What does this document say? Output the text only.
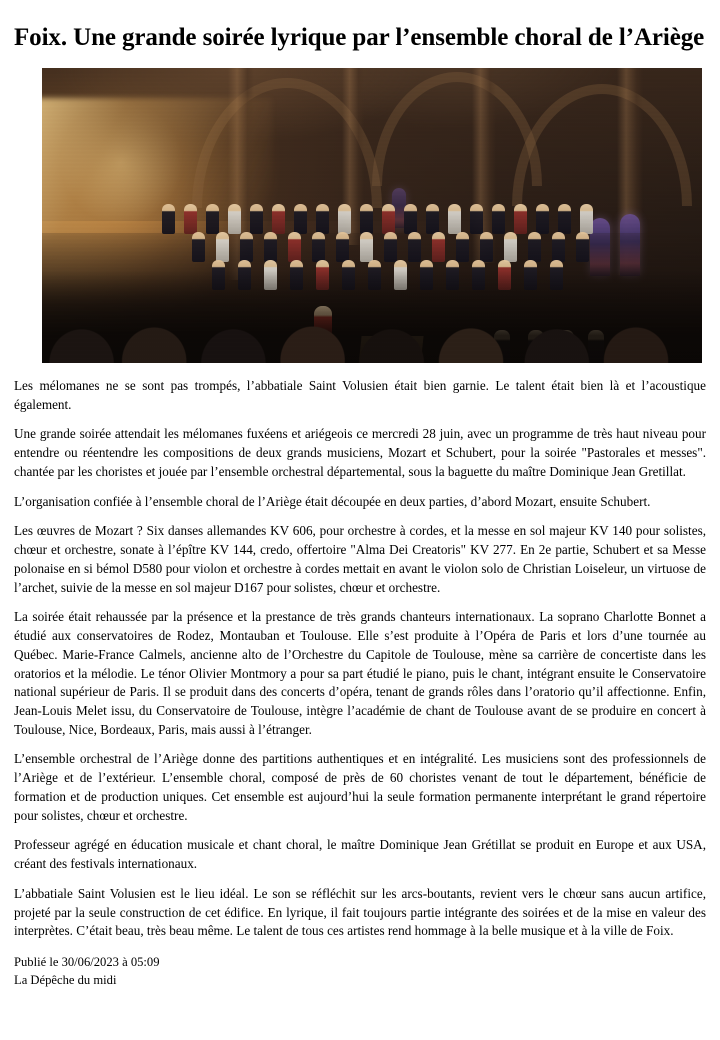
Foix. Une grande soirée lyrique par l’ensemble choral de l’Ariège

Les mélomanes ne se sont pas trompés, l’abbatiale Saint Volusien était bien garnie. Le talent était bien là et l’acoustique également.

Une grande soirée attendait les mélomanes fuxéens et ariégeois ce mercredi 28 juin, avec un programme de très haut niveau pour entendre ou réentendre les compositions de deux grands musiciens, Mozart et Schubert, pour la soirée "Pastorales et messes". chantée par les choristes et jouée par l’ensemble orchestral départemental, sous la baguette du maître Dominique Jean Gretillat.

L’organisation confiée à l’ensemble choral de l’Ariège était découpée en deux parties, d’abord Mozart, ensuite Schubert.

Les œuvres de Mozart ? Six danses allemandes KV 606, pour orchestre à cordes, et la messe en sol majeur KV 140 pour solistes, chœur et orchestre, sonate à l’épître KV 144, credo, offertoire "Alma Dei Creatoris" KV 277. En 2e partie, Schubert et sa Messe polonaise en si bémol D580 pour violon et orchestre à cordes mettait en avant le violon solo de Christian Loiseleur, un virtuose de l’archet, suivie de la messe en sol majeur D167 pour solistes, chœur et orchestre.

La soirée était rehaussée par la présence et la prestance de très grands chanteurs internationaux. La soprano Charlotte Bonnet a étudié aux conservatoires de Rodez, Montauban et Toulouse. Elle s’est produite à l’Opéra de Paris et lors d’une tournée au Québec. Marie-France Calmels, ancienne alto de l’Orchestre du Capitole de Toulouse, mène sa carrière de concertiste dans les oratorios et la mélodie. Le ténor Olivier Montmory a pour sa part étudié le piano, puis le chant, intégrant ensuite le Conservatoire national supérieur de Paris. Il se produit dans des concerts d’opéra, tenant de grands rôles dans l’oratorio qu’il affectionne. Enfin, Jean-Louis Melet issu, du Conservatoire de Toulouse, intègre l’académie de chant de Toulouse avant de se produire en concert à Toulouse, Nice, Bordeaux, Paris, mais aussi à l’étranger.

L’ensemble orchestral de l’Ariège donne des partitions authentiques et en intégralité. Les musiciens sont des professionnels de l’Ariège et de l’extérieur. L’ensemble choral, composé de près de 60 choristes venant de tout le département, bénéficie de formation et de production uniques. Cet ensemble est aujourd’hui la seule formation permanente interprétant le grand répertoire pour solistes, chœur et orchestre.

Professeur agrégé en éducation musicale et chant choral, le maître Dominique Jean Grétillat se produit en Europe et aux USA, créant des festivals internationaux.

L’abbatiale Saint Volusien est le lieu idéal. Le son se réfléchit sur les arcs-boutants, revient vers le chœur sans aucun artifice, projeté par la seule construction de cet édifice. En lyrique, il fait toujours partie intégrante des soirées et de la mise en valeur des interprètes. C’était beau, très beau même. Le talent de tous ces artistes rend hommage à la belle musique et à la ville de Foix.

Publié le 30/06/2023 à 05:09
La Dépêche du midi
